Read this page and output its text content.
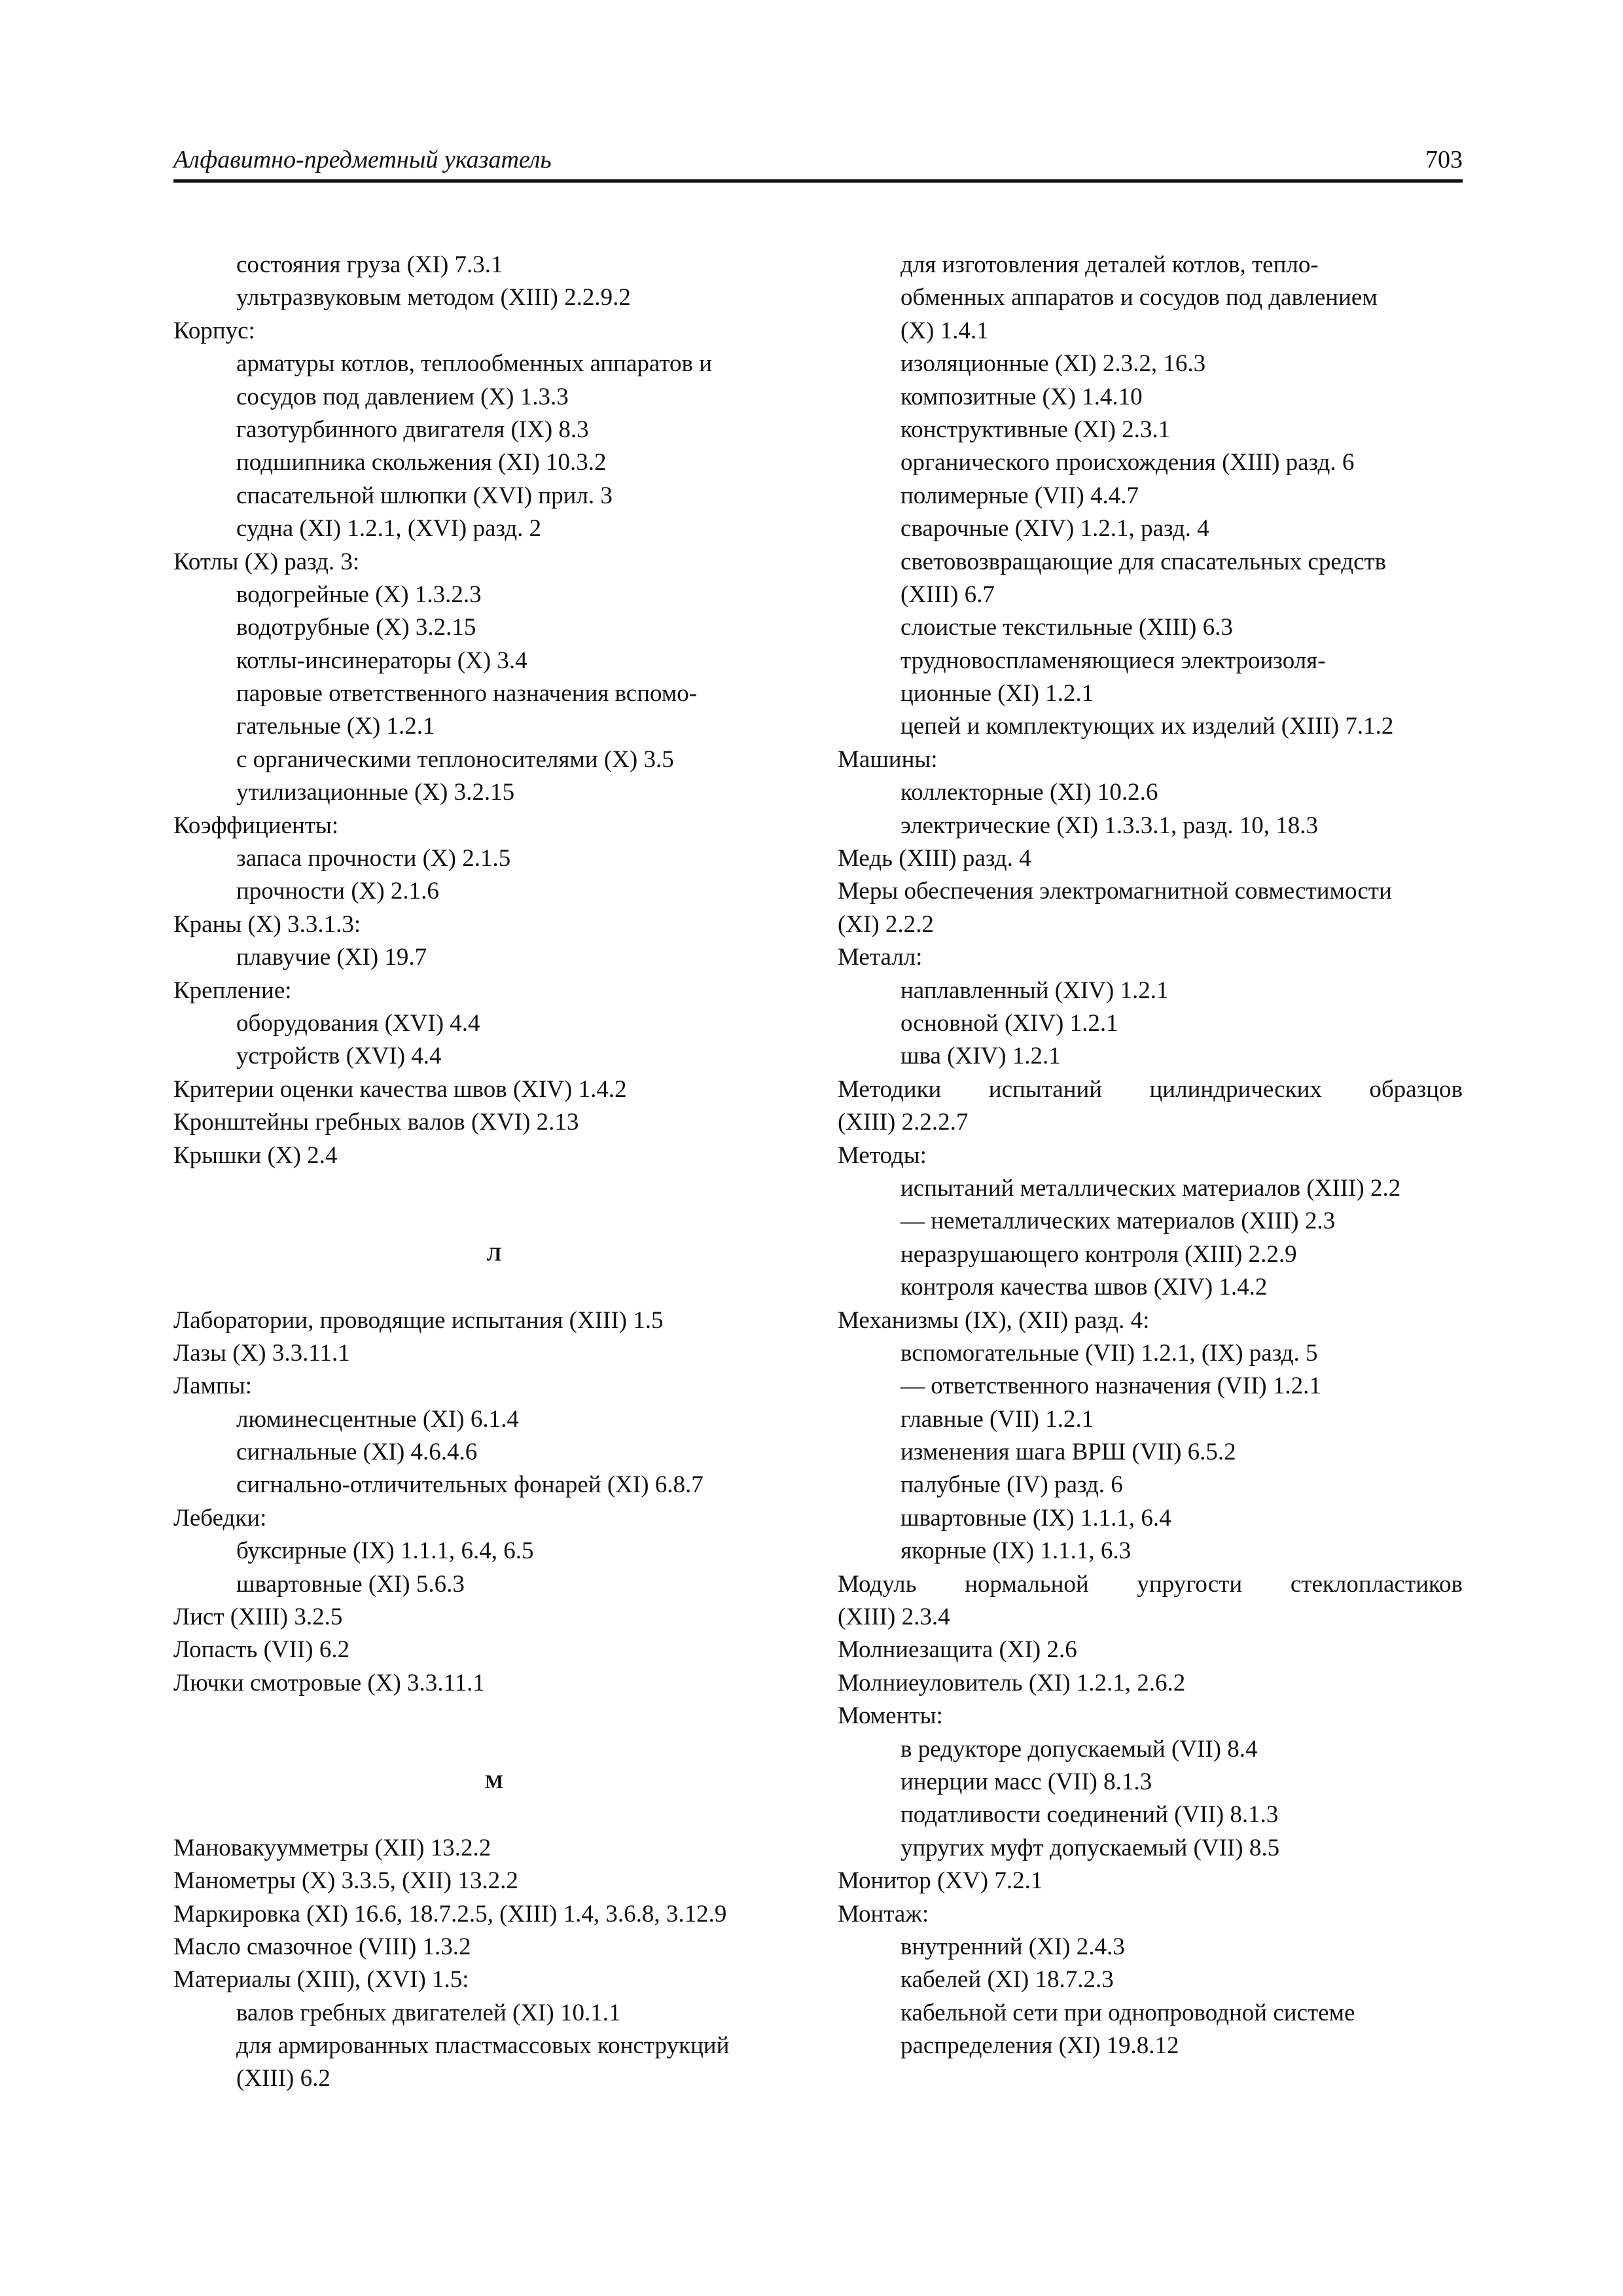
Алфавитно-предметный указатель	703
состояния груза (XI) 7.3.1
ультразвуковым методом (XIII) 2.2.9.2
Корпус:
арматуры котлов, теплообменных аппаратов и
сосудов под давлением (X) 1.3.3
газотурбинного двигателя (IX) 8.3
подшипника скольжения (XI) 10.3.2
спасательной шлюпки (XVI) прил. 3
судна (XI) 1.2.1, (XVI) разд. 2
Котлы (X) разд. 3:
водогрейные (X) 1.3.2.3
водотрубные (X) 3.2.15
котлы-инсинераторы (X) 3.4
паровые ответственного назначения вспомо-
гательные (X) 1.2.1
с органическими теплоносителями (X) 3.5
утилизационные (X) 3.2.15
Коэффициенты:
запаса прочности (X) 2.1.5
прочности (X) 2.1.6
Краны (X) 3.3.1.3:
плавучие (XI) 19.7
Крепление:
оборудования (XVI) 4.4
устройств (XVI) 4.4
Критерии оценки качества швов (XIV) 1.4.2
Кронштейны гребных валов (XVI) 2.13
Крышки (X) 2.4
Л
Лаборатории, проводящие испытания (XIII) 1.5
Лазы (X) 3.3.11.1
Лампы:
люминесцентные (XI) 6.1.4
сигнальные (XI) 4.6.4.6
сигнально-отличительных фонарей (XI) 6.8.7
Лебедки:
буксирные (IX) 1.1.1, 6.4, 6.5
швартовные (XI) 5.6.3
Лист (XIII) 3.2.5
Лопасть (VII) 6.2
Лючки смотровые (X) 3.3.11.1
М
Мановакуумметры (XII) 13.2.2
Манометры (X) 3.3.5, (XII) 13.2.2
Маркировка (XI) 16.6, 18.7.2.5, (XIII) 1.4, 3.6.8, 3.12.9
Масло смазочное (VIII) 1.3.2
Материалы (XIII), (XVI) 1.5:
валов гребных двигателей (XI) 10.1.1
для армированных пластмассовых конструкций
(XIII) 6.2
для изготовления деталей котлов, тепло-
обменных аппаратов и сосудов под давлением
(X) 1.4.1
изоляционные (XI) 2.3.2, 16.3
композитные (X) 1.4.10
конструктивные (XI) 2.3.1
органического происхождения (XIII) разд. 6
полимерные (VII) 4.4.7
сварочные (XIV) 1.2.1, разд. 4
световозвращающие для спасательных средств
(XIII) 6.7
слоистые текстильные (XIII) 6.3
трудновоспламеняющиеся электроизоля-
ционные (XI) 1.2.1
цепей и комплектующих их изделий (XIII) 7.1.2
Машины:
коллекторные (XI) 10.2.6
электрические (XI) 1.3.3.1, разд. 10, 18.3
Медь (XIII) разд. 4
Меры обеспечения электромагнитной совместимости
(XI) 2.2.2
Металл:
наплавленный (XIV) 1.2.1
основной (XIV) 1.2.1
шва (XIV) 1.2.1
Методики испытаний цилиндрических образцов
(XIII) 2.2.2.7
Методы:
испытаний металлических материалов (XIII) 2.2
— неметаллических материалов (XIII) 2.3
неразрушающего контроля (XIII) 2.2.9
контроля качества швов (XIV) 1.4.2
Механизмы (IX), (XII) разд. 4:
вспомогательные (VII) 1.2.1, (IX) разд. 5
— ответственного назначения (VII) 1.2.1
главные (VII) 1.2.1
изменения шага ВРШ (VII) 6.5.2
палубные (IV) разд. 6
швартовные (IX) 1.1.1, 6.4
якорные (IX) 1.1.1, 6.3
Модуль нормальной упругости стеклопластиков
(XIII) 2.3.4
Молниезащита (XI) 2.6
Молниеуловитель (XI) 1.2.1, 2.6.2
Моменты:
в редукторе допускаемый (VII) 8.4
инерции масс (VII) 8.1.3
податливости соединений (VII) 8.1.3
упругих муфт допускаемый (VII) 8.5
Монитор (XV) 7.2.1
Монтаж:
внутренний (XI) 2.4.3
кабелей (XI) 18.7.2.3
кабельной сети при однопроводной системе
распределения (XI) 19.8.12
